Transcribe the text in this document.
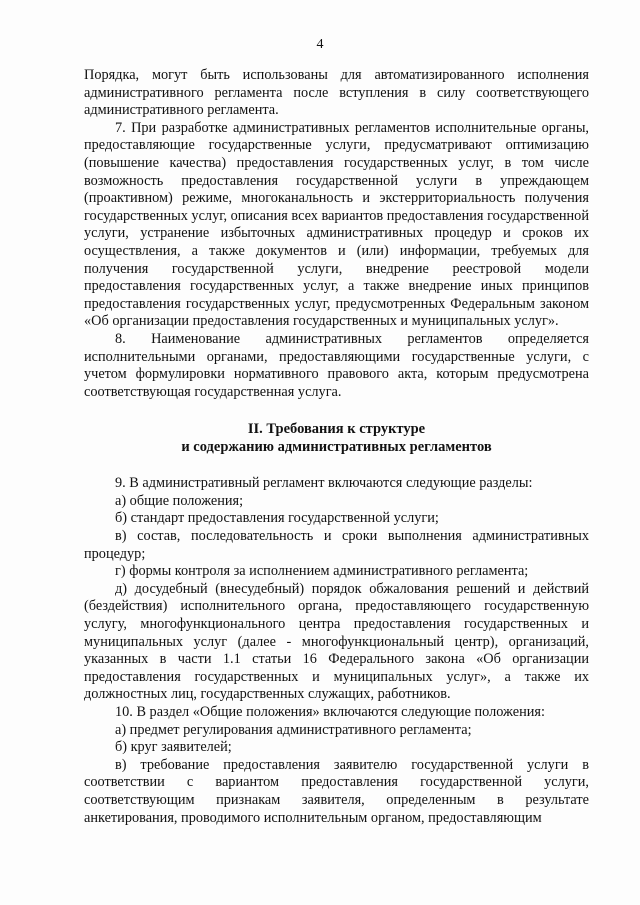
4

Порядка, могут быть использованы для автоматизированного исполнения административного регламента после вступления в силу соответствующего административного регламента.

7. При разработке административных регламентов исполнительные органы, предоставляющие государственные услуги, предусматривают оптимизацию (повышение качества) предоставления государственных услуг, в том числе возможность предоставления государственной услуги в упреждающем (проактивном) режиме, многоканальность и экстерриториальность получения государственных услуг, описания всех вариантов предоставления государственной услуги, устранение избыточных административных процедур и сроков их осуществления, а также документов и (или) информации, требуемых для получения государственной услуги, внедрение реестровой модели предоставления государственных услуг, а также внедрение иных принципов предоставления государственных услуг, предусмотренных Федеральным законом «Об организации предоставления государственных и муниципальных услуг».

8. Наименование административных регламентов определяется исполнительными органами, предоставляющими государственные услуги, с учетом формулировки нормативного правового акта, которым предусмотрена соответствующая государственная услуга.

II. Требования к структуре
и содержанию административных регламентов

9. В административный регламент включаются следующие разделы:

а) общие положения;

б) стандарт предоставления государственной услуги;

в) состав, последовательность и сроки выполнения административных процедур;

г) формы контроля за исполнением административного регламента;

д) досудебный (внесудебный) порядок обжалования решений и действий (бездействия) исполнительного органа, предоставляющего государственную услугу, многофункционального центра предоставления государственных и муниципальных услуг (далее - многофункциональный центр), организаций, указанных в части 1.1 статьи 16 Федерального закона «Об организации предоставления государственных и муниципальных услуг», а также их должностных лиц, государственных служащих, работников.

10. В раздел «Общие положения» включаются следующие положения:

а) предмет регулирования административного регламента;

б) круг заявителей;

в) требование предоставления заявителю государственной услуги в соответствии с вариантом предоставления государственной услуги, соответствующим признакам заявителя, определенным в результате анкетирования, проводимого исполнительным органом, предоставляющим
